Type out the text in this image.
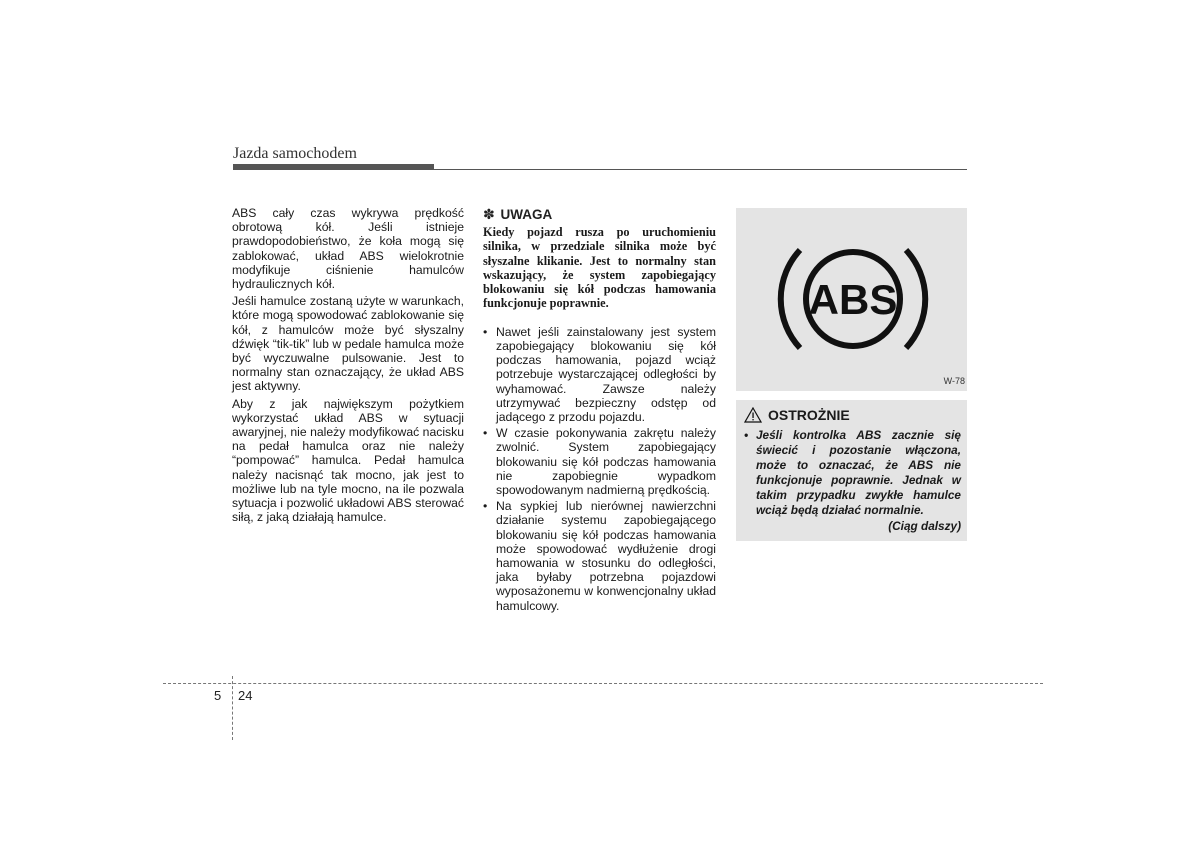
Jazda samochodem

ABS cały czas wykrywa prędkość obrotową kół. Jeśli istnieje prawdopodobieństwo, że koła mogą się zablokować, układ ABS wielokrotnie modyfikuje ciśnienie hamulców hydraulicznych kół.

Jeśli hamulce zostaną użyte w warunkach, które mogą spowodować zablokowanie się kół, z hamulców może być słyszalny dźwięk “tik-tik” lub w pedale hamulca może być wyczuwalne pulsowanie. Jest to normalny stan oznaczający, że układ ABS jest aktywny.

Aby z jak największym pożytkiem wykorzystać układ ABS w sytuacji awaryjnej, nie należy modyfikować nacisku na pedał hamulca oraz nie należy “pompować” hamulca. Pedał hamulca należy nacisnąć tak mocno, jak jest to możliwe lub na tyle mocno, na ile pozwala sytuacja i pozwolić układowi ABS sterować siłą, z jaką działają hamulce.

✽ UWAGA
Kiedy pojazd rusza po uruchomieniu silnika, w przedziale silnika może być słyszalne klikanie. Jest to normalny stan wskazujący, że system zapobiegający blokowaniu się kół podczas hamowania funkcjonuje poprawnie.
• Nawet jeśli zainstalowany jest system zapobiegający blokowaniu się kół podczas hamowania, pojazd wciąż potrzebuje wystarczającej odległości by wyhamować. Zawsze należy utrzymywać bezpieczny odstęp od jadącego z przodu pojazdu.
• W czasie pokonywania zakrętu należy zwolnić. System zapobiegający blokowaniu się kół podczas hamowania nie zapobiegnie wypadkom spowodowanym nadmierną prędkością.
• Na sypkiej lub nierównej nawierzchni działanie systemu zapobiegającego blokowaniu się kół podczas hamowania może spowodować wydłużenie drogi hamowania w stosunku do odległości, jaka byłaby potrzebna pojazdowi wyposażonemu w konwencjonalny układ hamulcowy.
ABS
W-78
OSTROŻNIE
• Jeśli kontrolka ABS zacznie się świecić i pozostanie włączona, może to oznaczać, że ABS nie funkcjonuje poprawnie. Jednak w takim przypadku zwykłe hamulce wciąż będą działać normalnie.
(Ciąg dalszy)
5 24
